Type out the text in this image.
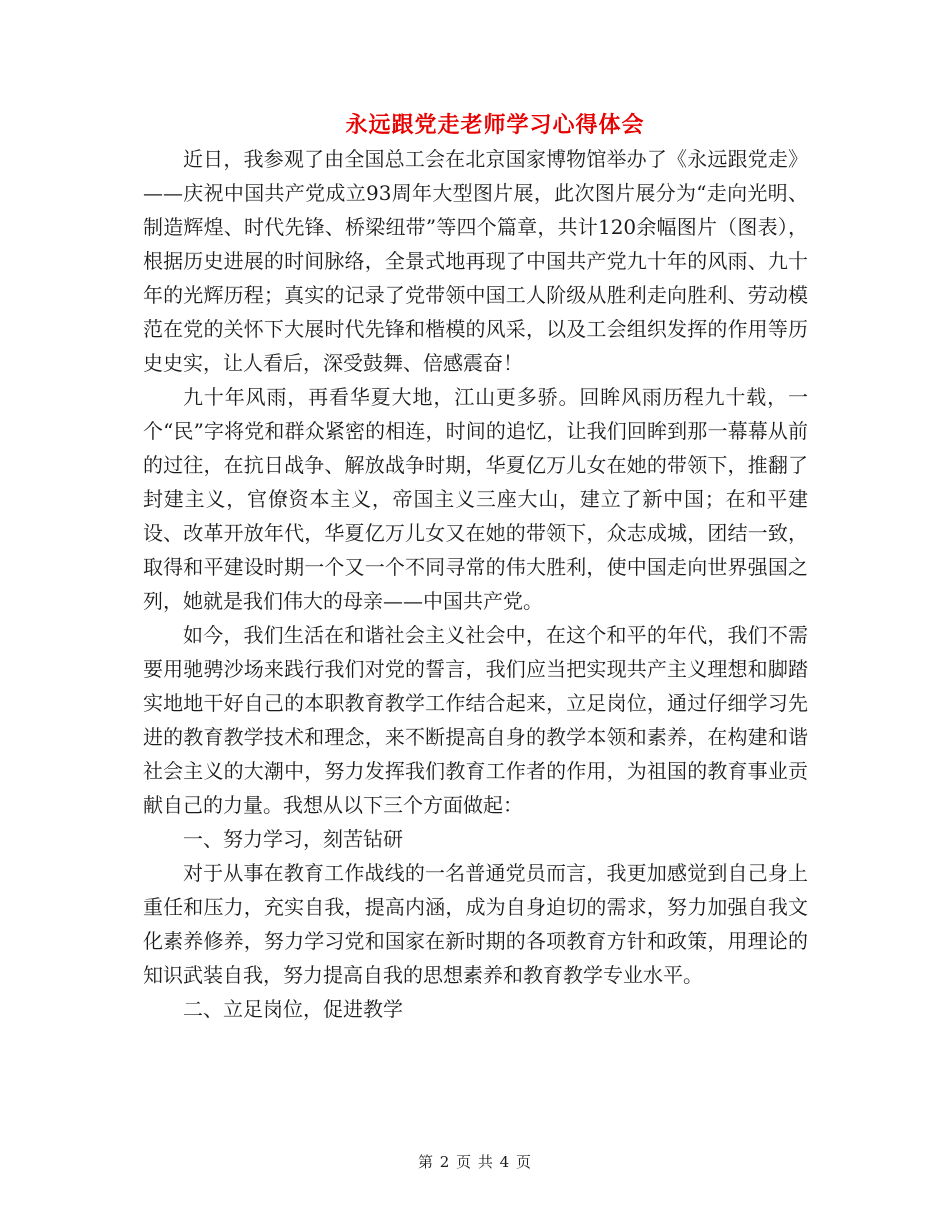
永远跟党走老师学习心得体会

近日，我参观了由全国总工会在北京国家博物馆举办了《永远跟党走》——庆祝中国共产党成立93周年大型图片展，此次图片展分为“走向光明、制造辉煌、时代先锋、桥梁纽带”等四个篇章，共计120余幅图片（图表），根据历史进展的时间脉络，全景式地再现了中国共产党九十年的风雨、九十年的光辉历程；真实的记录了党带领中国工人阶级从胜利走向胜利、劳动模范在党的关怀下大展时代先锋和楷模的风采，以及工会组织发挥的作用等历史史实，让人看后，深受鼓舞、倍感震奋！

九十年风雨，再看华夏大地，江山更多骄。回眸风雨历程九十载，一个“民”字将党和群众紧密的相连，时间的追忆，让我们回眸到那一幕幕从前的过往，在抗日战争、解放战争时期，华夏亿万儿女在她的带领下，推翻了封建主义，官僚资本主义，帝国主义三座大山，建立了新中国；在和平建设、改革开放年代，华夏亿万儿女又在她的带领下，众志成城，团结一致，取得和平建设时期一个又一个不同寻常的伟大胜利，使中国走向世界强国之列，她就是我们伟大的母亲——中国共产党。

如今，我们生活在和谐社会主义社会中，在这个和平的年代，我们不需要用驰骋沙场来践行我们对党的誓言，我们应当把实现共产主义理想和脚踏实地地干好自己的本职教育教学工作结合起来，立足岗位，通过仔细学习先进的教育教学技术和理念，来不断提高自身的教学本领和素养，在构建和谐社会主义的大潮中，努力发挥我们教育工作者的作用，为祖国的教育事业贡献自己的力量。我想从以下三个方面做起：

一、努力学习，刻苦钻研

对于从事在教育工作战线的一名普通党员而言，我更加感觉到自己身上重任和压力，充实自我，提高内涵，成为自身迫切的需求，努力加强自我文化素养修养，努力学习党和国家在新时期的各项教育方针和政策，用理论的知识武装自我，努力提高自我的思想素养和教育教学专业水平。

二、立足岗位，促进教学

第 2 页 共 4 页
